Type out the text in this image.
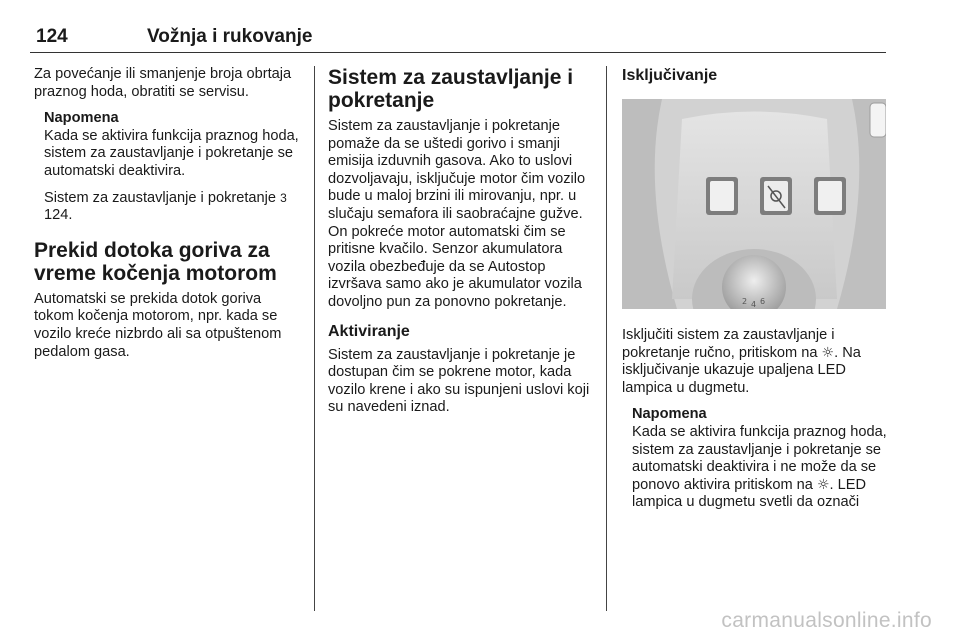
124	Vožnja i rukovanje

Za povećanje ili smanjenje broja obrtaja praznog hoda, obratiti se servisu.

Napomena
Kada se aktivira funkcija praznog hoda, sistem za zaustavljanje i pokretanje se automatski deaktivira.

Sistem za zaustavljanje i pokretanje 3 124.

Prekid dotoka goriva za vreme kočenja motorom

Automatski se prekida dotok goriva tokom kočenja motorom, npr. kada se vozilo kreće nizbrdo ali sa otpuštenom pedalom gasa.

Sistem za zaustavljanje i pokretanje

Sistem za zaustavljanje i pokretanje pomaže da se uštedi gorivo i smanji emisija izduvnih gasova. Ako to uslovi dozvoljavaju, isključuje motor čim vozilo bude u maloj brzini ili mirovanju, npr. u slučaju semafora ili saobraćajne gužve. On pokreće motor automatski čim se pritisne kvačilo. Senzor akumulatora vozila obezbeđuje da se Autostop izvršava samo ako je akumulator vozila dovoljno pun za ponovno pokretanje.

Aktiviranje

Sistem za zaustavljanje i pokretanje je dostupan čim se pokrene motor, kada vozilo krene i ako su ispunjeni uslovi koji su navedeni iznad.

Isključivanje
2 4 6

Isključiti sistem za zaustavljanje i pokretanje ručno, pritiskom na ☼. Na isključivanje ukazuje upaljena LED lampica u dugmetu.

Napomena
Kada se aktivira funkcija praznog hoda, sistem za zaustavljanje i pokretanje se automatski deaktivira i ne može da se ponovo aktivira pritiskom na ☼. LED lampica u dugmetu svetli da označi
carmanualsonline.info
